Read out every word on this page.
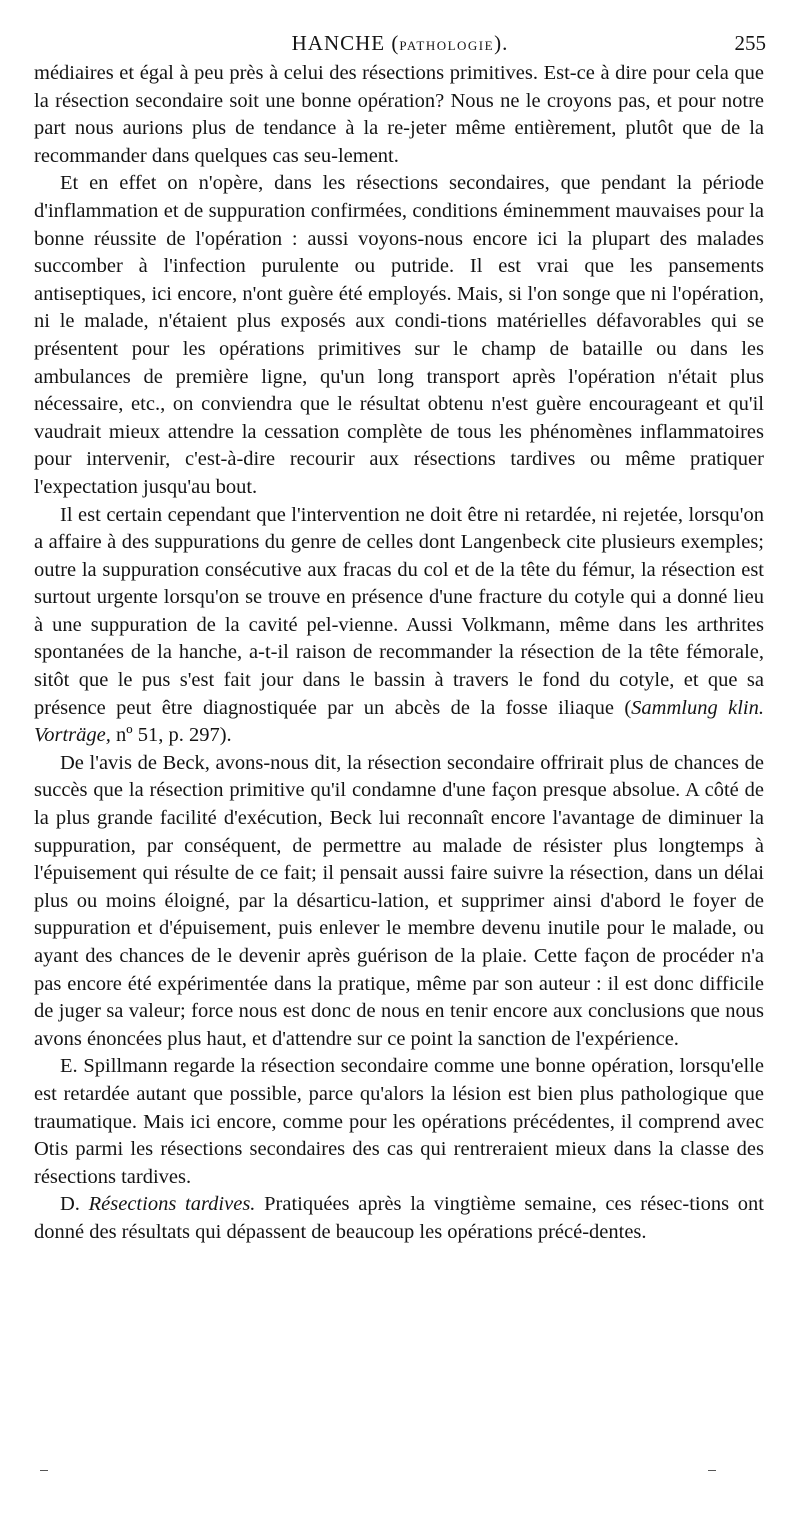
HANCHE (PATHOLOGIE).	255

médiaires et égal à peu près à celui des résections primitives. Est-ce à dire pour cela que la résection secondaire soit une bonne opération? Nous ne le croyons pas, et pour notre part nous aurions plus de tendance à la re-jeter même entièrement, plutôt que de la recommander dans quelques cas seu-lement.

Et en effet on n'opère, dans les résections secondaires, que pendant la période d'inflammation et de suppuration confirmées, conditions éminemment mauvaises pour la bonne réussite de l'opération : aussi voyons-nous encore ici la plupart des malades succomber à l'infection purulente ou putride. Il est vrai que les pansements antiseptiques, ici encore, n'ont guère été employés. Mais, si l'on songe que ni l'opération, ni le malade, n'étaient plus exposés aux condi-tions matérielles défavorables qui se présentent pour les opérations primitives sur le champ de bataille ou dans les ambulances de première ligne, qu'un long transport après l'opération n'était plus nécessaire, etc., on conviendra que le résultat obtenu n'est guère encourageant et qu'il vaudrait mieux attendre la cessation complète de tous les phénomènes inflammatoires pour intervenir, c'est-à-dire recourir aux résections tardives ou même pratiquer l'expectation jusqu'au bout.

Il est certain cependant que l'intervention ne doit être ni retardée, ni rejetée, lorsqu'on a affaire à des suppurations du genre de celles dont Langenbeck cite plusieurs exemples; outre la suppuration consécutive aux fracas du col et de la tête du fémur, la résection est surtout urgente lorsqu'on se trouve en présence d'une fracture du cotyle qui a donné lieu à une suppuration de la cavité pel-vienne. Aussi Volkmann, même dans les arthrites spontanées de la hanche, a-t-il raison de recommander la résection de la tête fémorale, sitôt que le pus s'est fait jour dans le bassin à travers le fond du cotyle, et que sa présence peut être diagnostiquée par un abcès de la fosse iliaque (Sammlung klin. Vorträge, nº 51, p. 297).

De l'avis de Beck, avons-nous dit, la résection secondaire offrirait plus de chances de succès que la résection primitive qu'il condamne d'une façon presque absolue. A côté de la plus grande facilité d'exécution, Beck lui reconnaît encore l'avantage de diminuer la suppuration, par conséquent, de permettre au malade de résister plus longtemps à l'épuisement qui résulte de ce fait; il pensait aussi faire suivre la résection, dans un délai plus ou moins éloigné, par la désarticu-lation, et supprimer ainsi d'abord le foyer de suppuration et d'épuisement, puis enlever le membre devenu inutile pour le malade, ou ayant des chances de le devenir après guérison de la plaie. Cette façon de procéder n'a pas encore été expérimentée dans la pratique, même par son auteur : il est donc difficile de juger sa valeur; force nous est donc de nous en tenir encore aux conclusions que nous avons énoncées plus haut, et d'attendre sur ce point la sanction de l'expérience.

E. Spillmann regarde la résection secondaire comme une bonne opération, lorsqu'elle est retardée autant que possible, parce qu'alors la lésion est bien plus pathologique que traumatique. Mais ici encore, comme pour les opérations précédentes, il comprend avec Otis parmi les résections secondaires des cas qui rentreraient mieux dans la classe des résections tardives.

D. Résections tardives. Pratiquées après la vingtième semaine, ces résec-tions ont donné des résultats qui dépassent de beaucoup les opérations précé-dentes.
